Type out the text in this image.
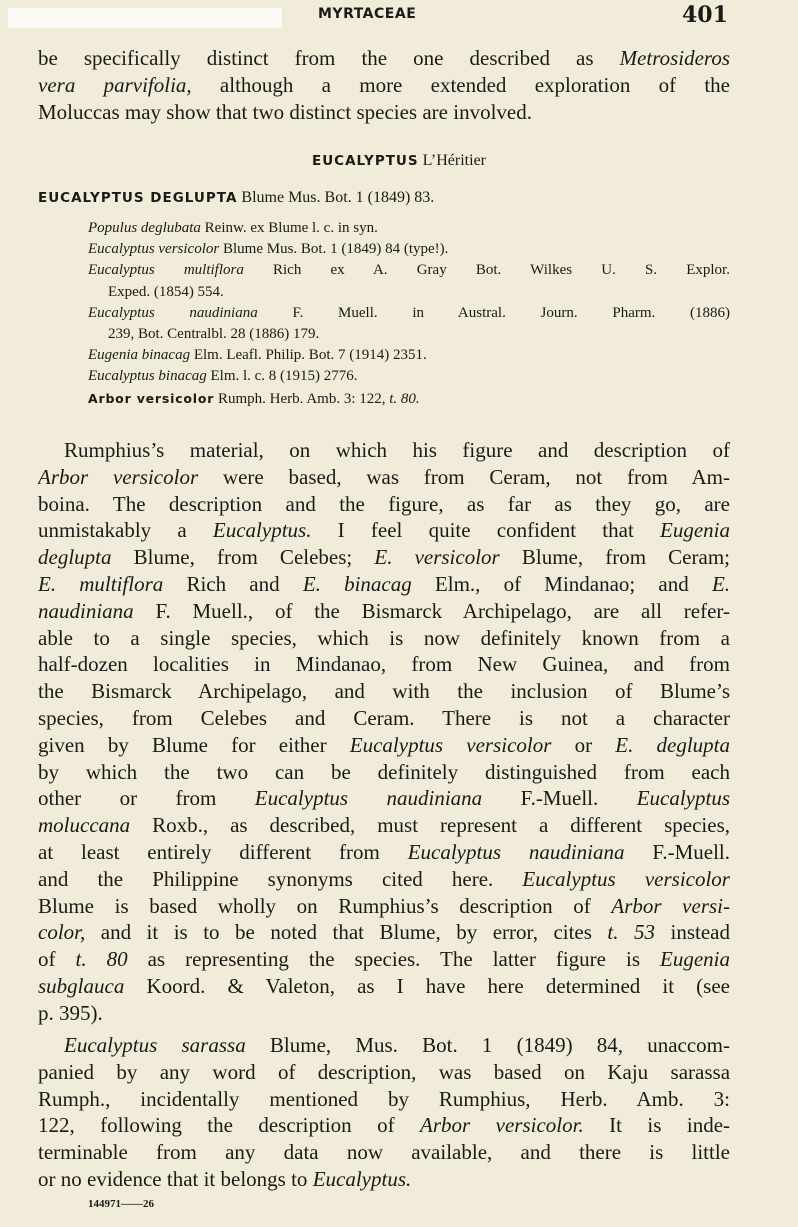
MYRTACEAE	401
be specifically distinct from the one described as Metrosideros
vera parvifolia, although a more extended exploration of the
Moluccas may show that two distinct species are involved.
EUCALYPTUS L’Héritier
EUCALYPTUS DEGLUPTA Blume Mus. Bot. 1 (1849) 83.
Populus deglubata Reinw. ex Blume l. c. in syn.
Eucalyptus versicolor Blume Mus. Bot. 1 (1849) 84 (type!).
Eucalyptus multiflora Rich ex A. Gray Bot. Wilkes U. S. Explor.
Exped. (1854) 554.
Eucalyptus naudiniana F. Muell. in Austral. Journ. Pharm. (1886)
239, Bot. Centralbl. 28 (1886) 179.
Eugenia binacag Elm. Leafl. Philip. Bot. 7 (1914) 2351.
Eucalyptus binacag Elm. l. c. 8 (1915) 2776.
Arbor versicolor Rumph. Herb. Amb. 3: 122, t. 80.
Rumphius’s material, on which his figure and description of
Arbor versicolor were based, was from Ceram, not from Am-
boina. The description and the figure, as far as they go, are
unmistakably a Eucalyptus. I feel quite confident that Eugenia
deglupta Blume, from Celebes; E. versicolor Blume, from Ceram;
E. multiflora Rich and E. binacag Elm., of Mindanao; and E.
naudiniana F. Muell., of the Bismarck Archipelago, are all refer-
able to a single species, which is now definitely known from a
half-dozen localities in Mindanao, from New Guinea, and from
the Bismarck Archipelago, and with the inclusion of Blume’s
species, from Celebes and Ceram. There is not a character
given by Blume for either Eucalyptus versicolor or E. deglupta
by which the two can be definitely distinguished from each
other or from Eucalyptus naudiniana F.-Muell. Eucalyptus
moluccana Roxb., as described, must represent a different species,
at least entirely different from Eucalyptus naudiniana F.-Muell.
and the Philippine synonyms cited here. Eucalyptus versicolor
Blume is based wholly on Rumphius’s description of Arbor versi-
color, and it is to be noted that Blume, by error, cites t. 53 instead
of t. 80 as representing the species. The latter figure is Eugenia
subglauca Koord. & Valeton, as I have here determined it (see
p. 395).
Eucalyptus sarassa Blume, Mus. Bot. 1 (1849) 84, unaccom-
panied by any word of description, was based on Kaju sarassa
Rumph., incidentally mentioned by Rumphius, Herb. Amb. 3:
122, following the description of Arbor versicolor. It is inde-
terminable from any data now available, and there is little
or no evidence that it belongs to Eucalyptus.
144971——26
